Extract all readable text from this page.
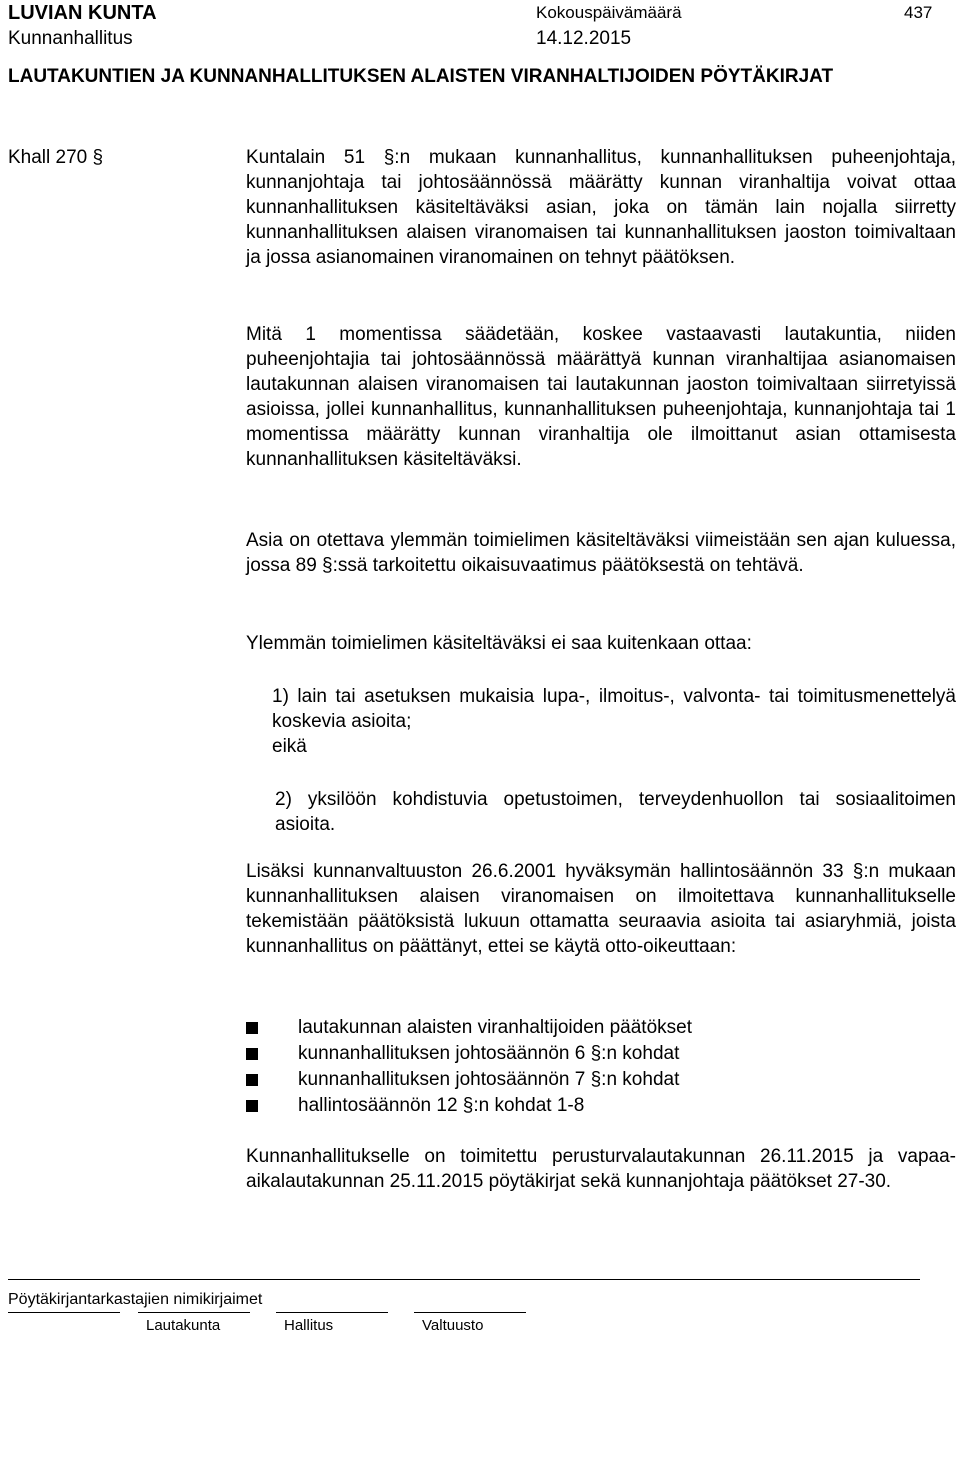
LUVIAN KUNTA
Kunnanhallitus
Kokouspäivämäärä
14.12.2015
437
LAUTAKUNTIEN JA KUNNANHALLITUKSEN ALAISTEN VIRANHALTIJOIDEN PÖYTÄKIRJAT
Khall 270 §	Kuntalain 51 §:n mukaan kunnanhallitus, kunnanhallituksen puheenjohtaja, kunnanjohtaja tai johtosäännössä määrätty kunnan viranhaltija voivat ottaa kunnanhallituksen käsiteltäväksi asian, joka on tämän lain nojalla siirretty kunnanhallituksen alaisen viranomaisen tai kunnanhallituksen jaoston toimivaltaan ja jossa asianomainen viranomainen on tehnyt päätöksen.

Mitä 1 momentissa säädetään, koskee vastaavasti lautakuntia, niiden puheenjohtajia tai johtosäännössä määrättyä kunnan viranhaltijaa asianomaisen lautakunnan alaisen viranomaisen tai lautakunnan jaoston toimivaltaan siirretyissä asioissa, jollei kunnanhallitus, kunnanhallituksen puheenjohtaja, kunnanjohtaja tai 1 momentissa määrätty kunnan viranhaltija ole ilmoittanut asian ottamisesta kunnanhallituksen käsiteltäväksi.

Asia on otettava ylemmän toimielimen käsiteltäväksi viimeistään sen ajan kuluessa, jossa 89 §:ssä tarkoitettu oikaisuvaatimus päätöksestä on tehtävä.

Ylemmän toimielimen käsiteltäväksi ei saa kuitenkaan ottaa:

1) lain tai asetuksen mukaisia lupa-, ilmoitus-, valvonta- tai toimitusmenettelyä koskevia asioita;

eikä

2) yksilöön kohdistuvia opetustoimen, terveydenhuollon tai sosiaalitoimen asioita.

Lisäksi kunnanvaltuuston 26.6.2001 hyväksymän hallintosäännön 33 §:n mukaan kunnanhallituksen alaisen viranomaisen on ilmoitettava kunnanhallitukselle tekemistään päätöksistä lukuun ottamatta seuraavia asioita tai asiaryhmiä, joista kunnanhallitus on päättänyt, ettei se käytä otto-oikeuttaan:

lautakunnan alaisten viranhaltijoiden päätökset
kunnanhallituksen johtosäännön 6 §:n kohdat
kunnanhallituksen johtosäännön 7 §:n kohdat
hallintosäännön 12 §:n kohdat 1-8

Kunnanhallitukselle on toimitettu perusturvalautakunnan 26.11.2015 ja vapaa-aikalautakunnan 25.11.2015 pöytäkirjat sekä kunnanjohtaja päätökset 27-30.

Pöytäkirjantarkastajien nimikirjaimet
Lautakunta	Hallitus	Valtuusto
